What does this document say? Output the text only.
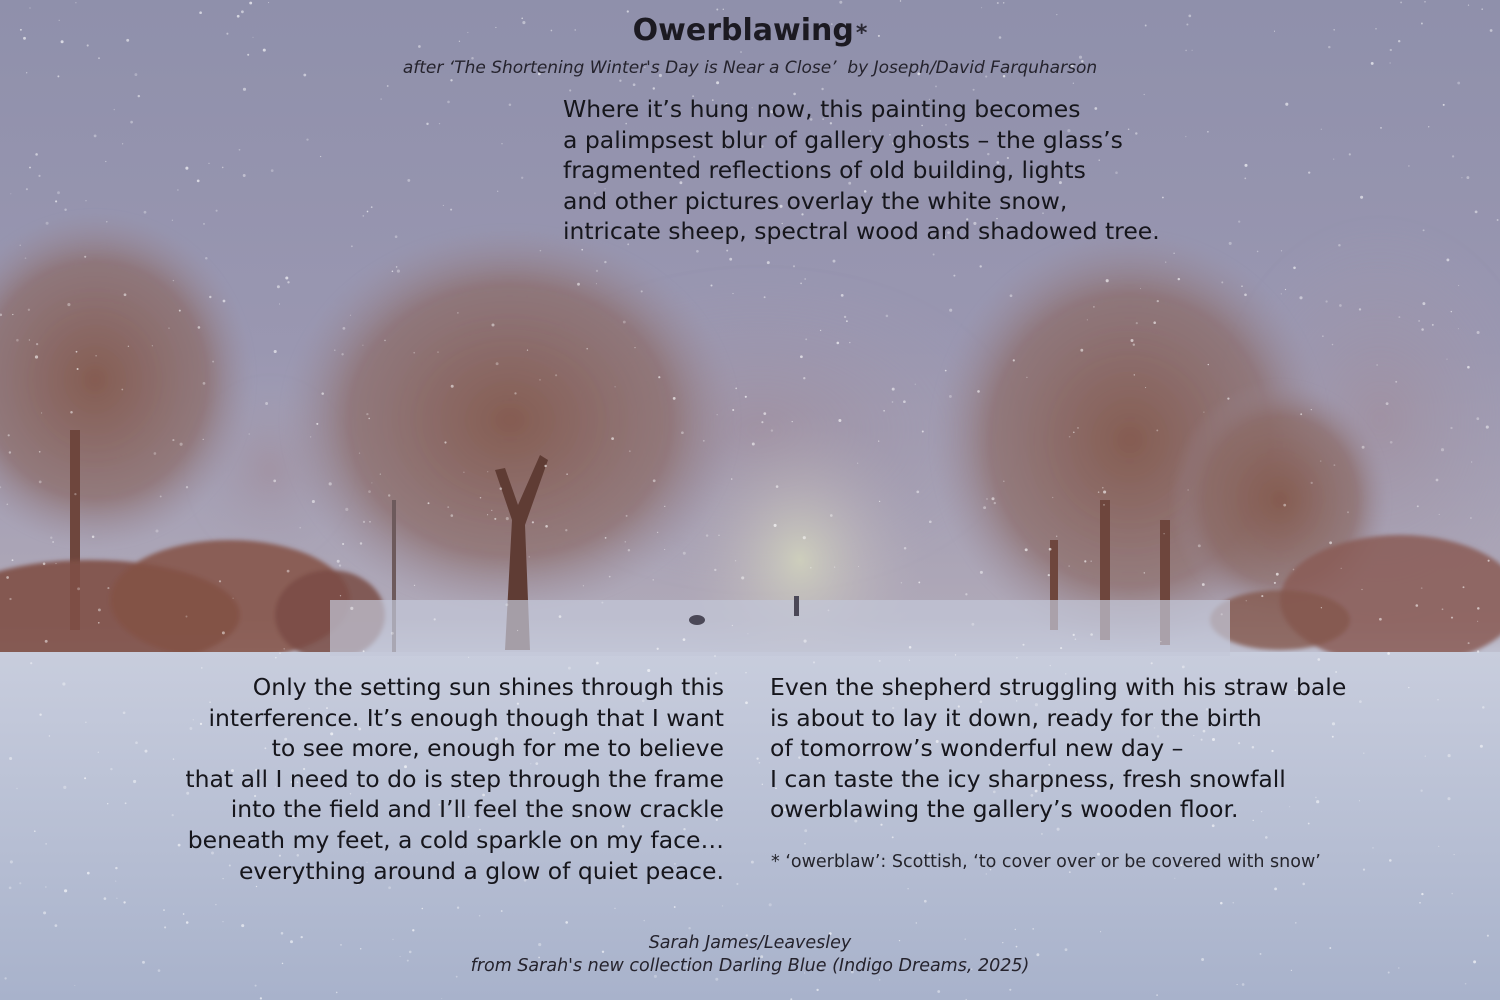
Owerblawing*

after ‘The Shortening Winter's Day is Near a Close’  by Joseph/David Farquharson

Where it’s hung now, this painting becomes
a palimpsest blur of gallery ghosts – the glass’s
fragmented reflections of old building, lights
and other pictures overlay the white snow,
intricate sheep, spectral wood and shadowed tree.
Only the setting sun shines through this
interference. It’s enough though that I want
to see more, enough for me to believe
that all I need to do is step through the frame
into the field and I’ll feel the snow crackle
beneath my feet, a cold sparkle on my face…
everything around a glow of quiet peace.
Even the shepherd struggling with his straw bale
is about to lay it down, ready for the birth
of tomorrow’s wonderful new day –
I can taste the icy sharpness, fresh snowfall
owerblawing the gallery’s wooden floor.

* ‘owerblaw’: Scottish, ‘to cover over or be covered with snow’

Sarah James/Leavesley
from Sarah's new collection Darling Blue (Indigo Dreams, 2025)
